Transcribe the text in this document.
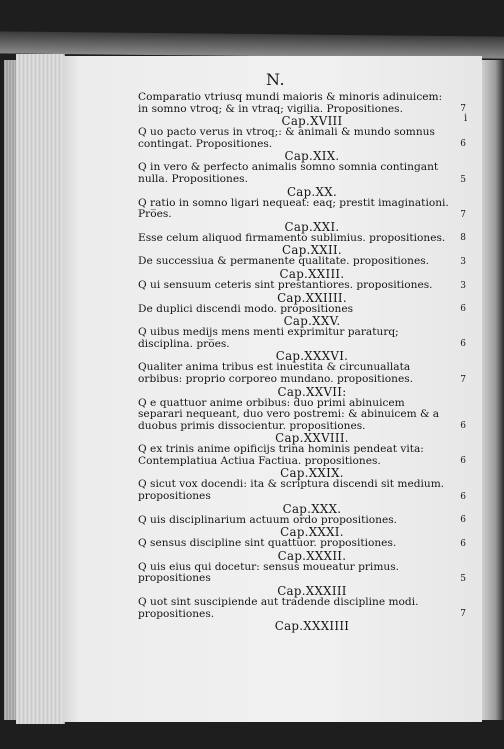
N.
i
Comparatio vtriusq mundi maioris & minoris adinuicem: in somno vtroq; & in vtraq; vigilia. Propositiones.	7
Cap.XVIII
Q uo pacto verus in vtroq;: & animali & mundo somnus contingat. Propositiones.	6
Cap.XIX.
Q in vero & perfecto animalis somno somnia contingant nulla. Propositiones.	5
Cap.XX.
Q ratio in somno ligari nequeat: eaq; prestit imaginationi. Pro̅es.	7
Cap.XXI.
Esse celum aliquod firmamento sublimius. propositiones.	8
Cap.XXII.
De successiua & permanente qualitate. propositiones.	3
Cap.XXIII.
Q ui sensuum ceteris sint prestantiores. propositiones.	3
Cap.XXIIII.
De duplici discendi modo. propositiones	6
Cap.XXV.
Q uibus medijs mens menti exprimitur paraturq; disciplina. pro̅es.	6
Cap.XXXVI.
Qualiter anima tribus est inuestita & circunuallata orbibus: proprio corporeo mundano. propositiones.	7
Cap.XXVII:
Q e quattuor anime orbibus: duo primi abinuicem separari nequeant, duo vero postremi: & abinuicem & a duobus primis dissocientur. propositiones.	6
Cap.XXVIII.
Q ex trinis anime opificijs trina hominis pendeat vita: Contemplatiua Actiua Factiua. propositiones.	6
Cap.XXIX.
Q sicut vox docendi: ita & scriptura discendi sit medium. propositiones	6
Cap.XXX.
Q uis disciplinarium actuum ordo propositiones.	6
Cap.XXXI.
Q sensus discipline sint quattuor. propositiones.	6
Cap.XXXII.
Q uis eius qui docetur: sensus moueatur primus. propositiones	5
Cap.XXXIII
Q uot sint suscipiende aut tradende discipline modi. propositiones.	7
Cap.XXXIIII
